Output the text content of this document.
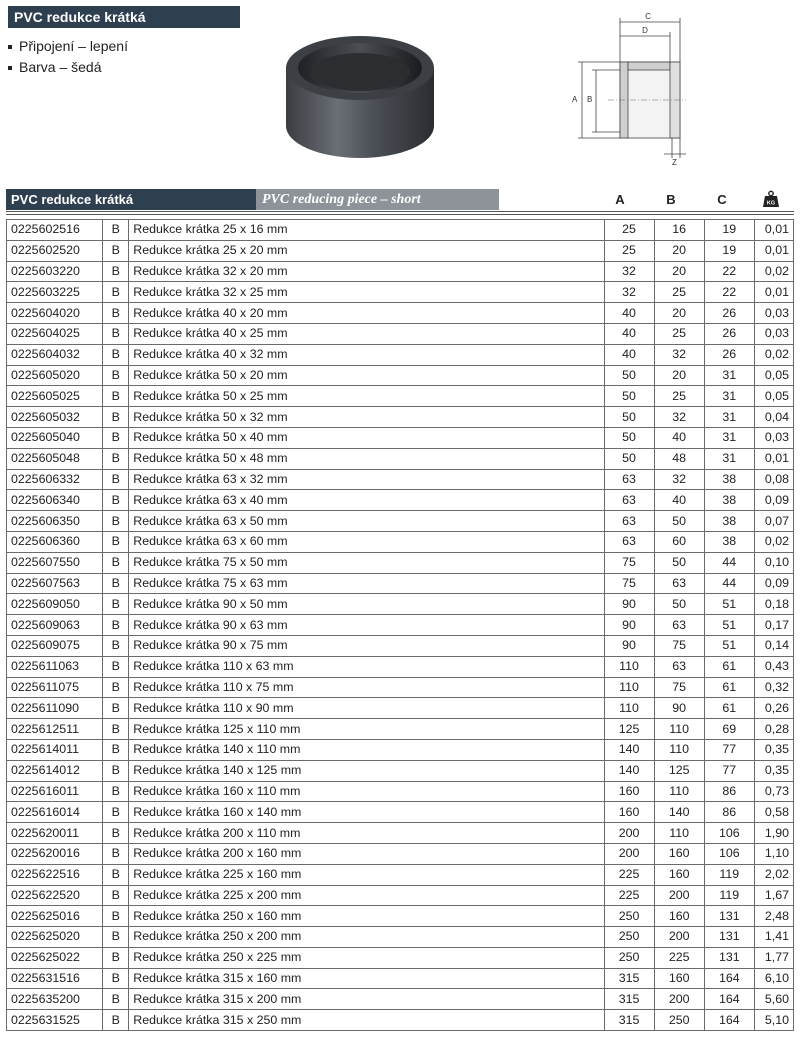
PVC redukce krátká
Připojení – lepení
Barva – šedá
C
D
A B
Z
PVC redukce krátká	PVC reducing piece – short	A	B	C	KG
0225602516	B	Redukce krátka 25 x 16 mm	25	16	19	0,01
0225602520	B	Redukce krátka 25 x 20 mm	25	20	19	0,01
0225603220	B	Redukce krátka 32 x 20 mm	32	20	22	0,02
0225603225	B	Redukce krátka 32 x 25 mm	32	25	22	0,01
0225604020	B	Redukce krátka 40 x 20 mm	40	20	26	0,03
0225604025	B	Redukce krátka 40 x 25 mm	40	25	26	0,03
0225604032	B	Redukce krátka 40 x 32 mm	40	32	26	0,02
0225605020	B	Redukce krátka 50 x 20 mm	50	20	31	0,05
0225605025	B	Redukce krátka 50 x 25 mm	50	25	31	0,05
0225605032	B	Redukce krátka 50 x 32 mm	50	32	31	0,04
0225605040	B	Redukce krátka 50 x 40 mm	50	40	31	0,03
0225605048	B	Redukce krátka 50 x 48 mm	50	48	31	0,01
0225606332	B	Redukce krátka 63 x 32 mm	63	32	38	0,08
0225606340	B	Redukce krátka 63 x 40 mm	63	40	38	0,09
0225606350	B	Redukce krátka 63 x 50 mm	63	50	38	0,07
0225606360	B	Redukce krátka 63 x 60 mm	63	60	38	0,02
0225607550	B	Redukce krátka 75 x 50 mm	75	50	44	0,10
0225607563	B	Redukce krátka 75 x 63 mm	75	63	44	0,09
0225609050	B	Redukce krátka 90 x 50 mm	90	50	51	0,18
0225609063	B	Redukce krátka 90 x 63 mm	90	63	51	0,17
0225609075	B	Redukce krátka 90 x 75 mm	90	75	51	0,14
0225611063	B	Redukce krátka 110 x 63 mm	110	63	61	0,43
0225611075	B	Redukce krátka 110 x 75 mm	110	75	61	0,32
0225611090	B	Redukce krátka 110 x 90 mm	110	90	61	0,26
0225612511	B	Redukce krátka 125 x 110 mm	125	110	69	0,28
0225614011	B	Redukce krátka 140 x 110 mm	140	110	77	0,35
0225614012	B	Redukce krátka 140 x 125 mm	140	125	77	0,35
0225616011	B	Redukce krátka 160 x 110 mm	160	110	86	0,73
0225616014	B	Redukce krátka 160 x 140 mm	160	140	86	0,58
0225620011	B	Redukce krátka 200 x 110 mm	200	110	106	1,90
0225620016	B	Redukce krátka 200 x 160 mm	200	160	106	1,10
0225622516	B	Redukce krátka 225 x 160 mm	225	160	119	2,02
0225622520	B	Redukce krátka 225 x 200 mm	225	200	119	1,67
0225625016	B	Redukce krátka 250 x 160 mm	250	160	131	2,48
0225625020	B	Redukce krátka 250 x 200 mm	250	200	131	1,41
0225625022	B	Redukce krátka 250 x 225 mm	250	225	131	1,77
0225631516	B	Redukce krátka 315 x 160 mm	315	160	164	6,10
0225635200	B	Redukce krátka 315 x 200 mm	315	200	164	5,60
0225631525	B	Redukce krátka 315 x 250 mm	315	250	164	5,10
